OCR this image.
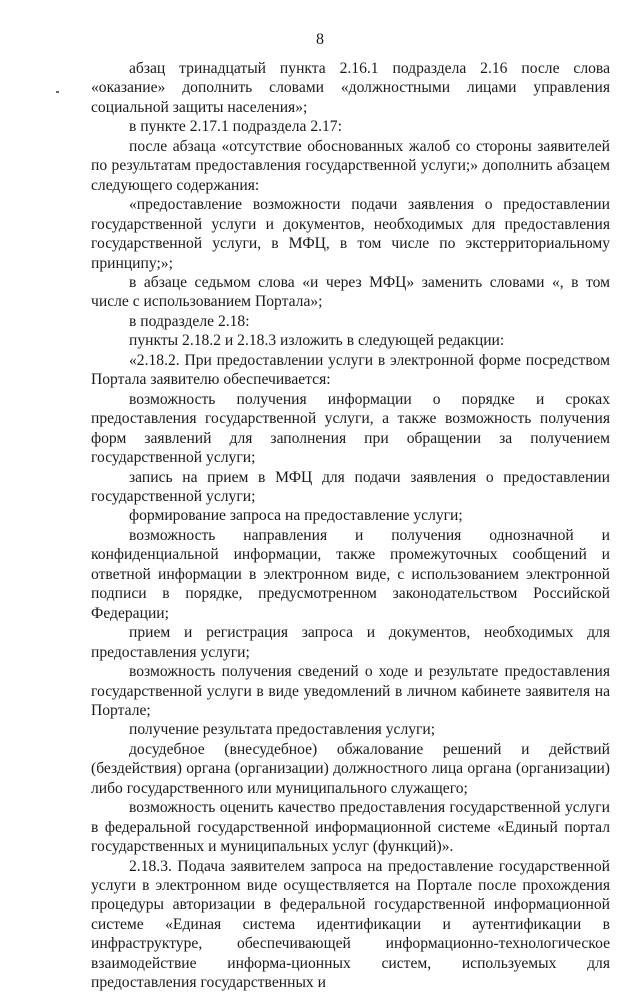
8

абзац тринадцатый пункта 2.16.1 подраздела 2.16 после слова «оказание» дополнить словами «должностными лицами управления социальной защиты населения»;

в пункте 2.17.1 подраздела 2.17:

после абзаца «отсутствие обоснованных жалоб со стороны заявителей по результатам предоставления государственной услуги;» дополнить абзацем следующего содержания:

«предоставление возможности подачи заявления о предоставлении государственной услуги и документов, необходимых для предоставления государственной услуги, в МФЦ, в том числе по экстерриториальному принципу;»;

в абзаце седьмом слова «и через МФЦ» заменить словами «, в том числе с использованием Портала»;

в подразделе 2.18:

пункты 2.18.2 и 2.18.3 изложить в следующей редакции:

«2.18.2. При предоставлении услуги в электронной форме посредством Портала заявителю обеспечивается:

возможность получения информации о порядке и сроках предоставления государственной услуги, а также возможность получения форм заявлений для заполнения при обращении за получением государственной услуги;

запись на прием в МФЦ для подачи заявления о предоставлении государственной услуги;

формирование запроса на предоставление услуги;

возможность направления и получения однозначной и конфиденциальной информации, также промежуточных сообщений и ответной информации в электронном виде, с использованием электронной подписи в порядке, предусмотренном законодательством Российской Федерации;

прием и регистрация запроса и документов, необходимых для предоставления услуги;

возможность получения сведений о ходе и результате предоставления государственной услуги в виде уведомлений в личном кабинете заявителя на Портале;

получение результата предоставления услуги;

досудебное (внесудебное) обжалование решений и действий (бездействия) органа (организации) должностного лица органа (организации) либо государственного или муниципального служащего;

возможность оценить качество предоставления государственной услуги в федеральной государственной информационной системе «Единый портал государственных и муниципальных услуг (функций)».

2.18.3. Подача заявителем запроса на предоставление государственной услуги в электронном виде осуществляется на Портале после прохождения процедуры авторизации в федеральной государственной информационной системе «Единая система идентификации и аутентификации в инфраструктуре, обеспечивающей информационно-технологическое взаимодействие информа-ционных систем, используемых для предоставления государственных и
